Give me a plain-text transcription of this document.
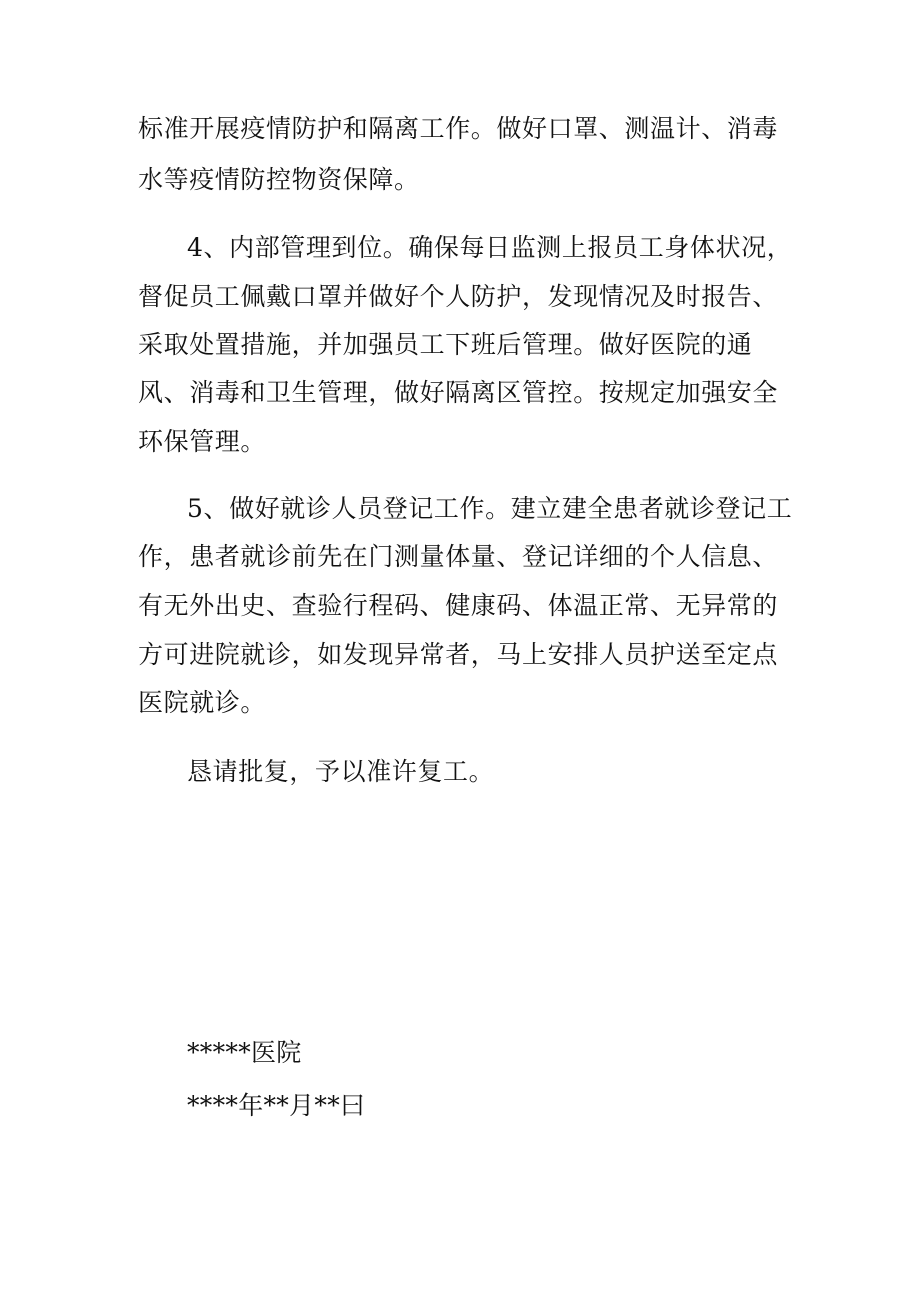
标准开展疫情防护和隔离工作。做好口罩、测温计、消毒
水等疫情防控物资保障。
4、内部管理到位。确保每日监测上报员工身体状况，
督促员工佩戴口罩并做好个人防护，发现情况及时报告、
采取处置措施，并加强员工下班后管理。做好医院的通
风、消毒和卫生管理，做好隔离区管控。按规定加强安全
环保管理。
5、做好就诊人员登记工作。建立建全患者就诊登记工
作，患者就诊前先在门测量体量、登记详细的个人信息、
有无外出史、查验行程码、健康码、体温正常、无异常的
方可进院就诊，如发现异常者，马上安排人员护送至定点
医院就诊。
恳请批复，予以准许复工。
*****医院
****年**月**曰
